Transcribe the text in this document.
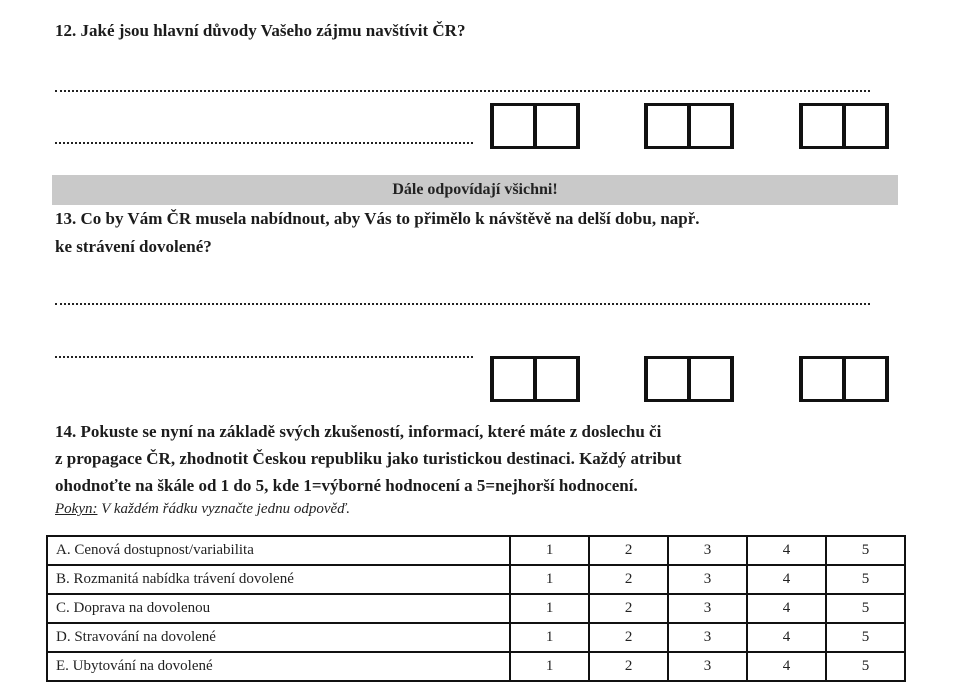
12. Jaké jsou hlavní důvody Vašeho zájmu navštívit ČR?
Dále odpovídají všichni!
13. Co by Vám ČR musela nabídnout, aby Vás to přimělo k návštěvě na delší dobu, např.
ke strávení dovolené?
14. Pokuste se nyní na základě svých zkušeností, informací, které máte z doslechu či
z propagace ČR, zhodnotit Českou republiku jako turistickou destinaci. Každý atribut
ohodnoťte na škále od 1 do 5, kde 1=výborné hodnocení a 5=nejhorší hodnocení.
Pokyn: V každém řádku vyznačte jednu odpověď.
A. Cenová dostupnost/variabilita	1	2	3	4	5
B. Rozmanitá nabídka trávení dovolené	1	2	3	4	5
C. Doprava na dovolenou	1	2	3	4	5
D. Stravování na dovolené	1	2	3	4	5
E. Ubytování na dovolené	1	2	3	4	5
